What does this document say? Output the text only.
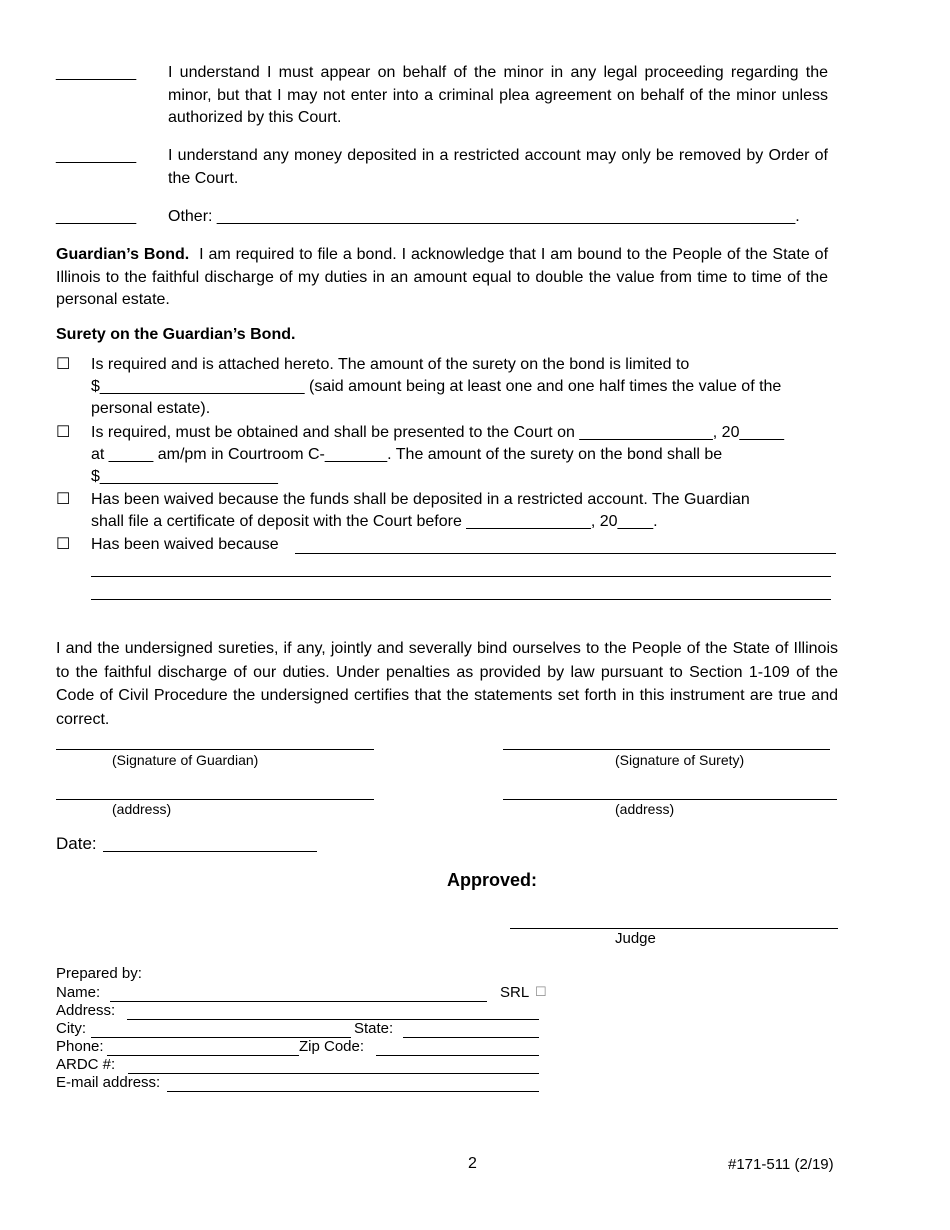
_________ I understand I must appear on behalf of the minor in any legal proceeding regarding the minor, but that I may not enter into a criminal plea agreement on behalf of the minor unless authorized by this Court.
_________ I understand any money deposited in a restricted account may only be removed by Order of the Court.
_________ Other: _________________________________________________________________.
Guardian’s Bond. I am required to file a bond. I acknowledge that I am bound to the People of the State of Illinois to the faithful discharge of my duties in an amount equal to double the value from time to time of the personal estate.
Surety on the Guardian’s Bond.
☐ Is required and is attached hereto. The amount of the surety on the bond is limited to
$_______________________ (said amount being at least one and one half times the value of the
personal estate).
☐ Is required, must be obtained and shall be presented to the Court on _______________, 20_____
at _____ am/pm in Courtroom C-_______. The amount of the surety on the bond shall be
$____________________
☐ Has been waived because the funds shall be deposited in a restricted account. The Guardian
shall file a certificate of deposit with the Court before ______________, 20____.
☐ Has been waived because
I and the undersigned sureties, if any, jointly and severally bind ourselves to the People of the State of Illinois to the faithful discharge of our duties. Under penalties as provided by law pursuant to Section 1-109 of the Code of Civil Procedure the undersigned certifies that the statements set forth in this instrument are true and correct.
(Signature of Guardian)	(Signature of Surety)
(address)	(address)
Date:
Approved:
Judge
Prepared by:
Name:	SRL ☐
Address:
City:	State:
Phone:	Zip Code:
ARDC #:
E-mail address:
2	#171-511 (2/19)
